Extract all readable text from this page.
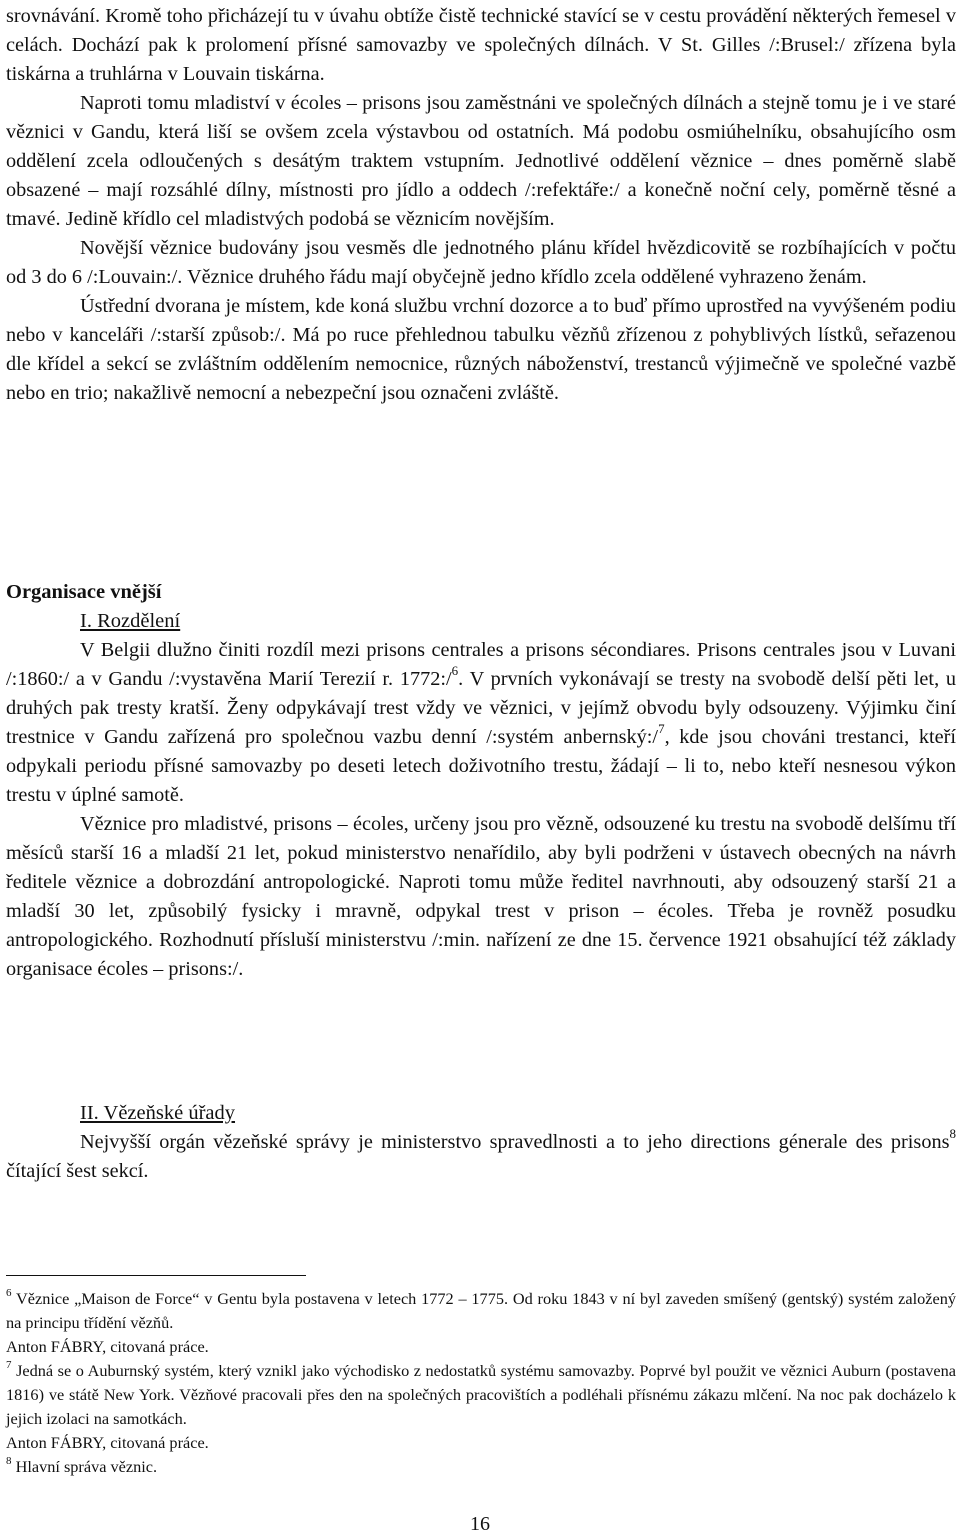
srovnávání. Kromě toho přicházejí tu v úvahu obtíže čistě technické stavící se v cestu provádění některých řemesel v celách. Dochází pak k prolomení přísné samovazby ve společných dílnách. V St. Gilles /:Brusel:/ zřízena byla tiskárna a truhlárna v Louvain tiskárna.

Naproti tomu mladiství v écoles – prisons jsou zaměstnáni ve společných dílnách a stejně tomu je i ve staré věznici v Gandu, která liší se ovšem zcela výstavbou od ostatních. Má podobu osmiúhelníku, obsahujícího osm oddělení zcela odloučených s desátým traktem vstupním. Jednotlivé oddělení věznice – dnes poměrně slabě obsazené – mají rozsáhlé dílny, místnosti pro jídlo a oddech /:refektáře:/ a konečně noční cely, poměrně těsné a tmavé. Jedině křídlo cel mladistvých podobá se věznicím novějším.

Novější věznice budovány jsou vesměs dle jednotného plánu křídel hvězdicovitě se rozbíhajících v počtu od 3 do 6 /:Louvain:/. Věznice druhého řádu mají obyčejně jedno křídlo zcela oddělené vyhrazeno ženám.

Ústřední dvorana je místem, kde koná službu vrchní dozorce a to buď přímo uprostřed na vyvýšeném podiu nebo v kanceláři /:starší způsob:/. Má po ruce přehlednou tabulku vězňů zřízenou z pohyblivých lístků, seřazenou dle křídel a sekcí se zvláštním oddělením nemocnice, různých náboženství, trestanců výjimečně ve společné vazbě nebo en trio; nakažlivě nemocní a nebezpeční jsou označeni zvláště.

Organisace vnější
I. Rozdělení

V Belgii dlužno činiti rozdíl mezi prisons centrales a prisons sécondiares. Prisons centrales jsou v Luvani /:1860:/ a v Gandu /:vystavěna Marií Terezií r. 1772:/$^6$. V prvních vykonávají se tresty na svobodě delší pěti let, u druhých pak tresty kratší. Ženy odpykávají trest vždy ve věznici, v jejímž obvodu byly odsouzeny. Výjimku činí trestnice v Gandu zařízená pro společnou vazbu denní /:systém anbernský:/$^7$, kde jsou chováni trestanci, kteří odpykali periodu přísné samovazby po deseti letech doživotního trestu, žádají – li to, nebo kteří nesnesou výkon trestu v úplné samotě.

Věznice pro mladistvé, prisons – écoles, určeny jsou pro vězně, odsouzené ku trestu na svobodě delšímu tří měsíců starší 16 a mladší 21 let, pokud ministerstvo nenařídilo, aby byli podrženi v ústavech obecných na návrh ředitele věznice a dobrozdání antropologické. Naproti tomu může ředitel navrhnouti, aby odsouzený starší 21 a mladší 30 let, způsobilý fysicky i mravně, odpykal trest v prison – écoles. Třeba je rovněž posudku antropologického. Rozhodnutí přísluší ministerstvu /:min. nařízení ze dne 15. července 1921 obsahující též základy organisace écoles – prisons:/.

II. Vězeňské úřady

Nejvyšší orgán vězeňské správy je ministerstvo spravedlnosti a to jeho directions génerale des prisons$^8$ čítající šest sekcí.

$^6$ Věznice „Maison de Force“ v Gentu byla postavena v letech 1772 – 1775. Od roku 1843 v ní byl zaveden smíšený (gentský) systém založený na principu třídění vězňů.

Anton FÁBRY, citovaná práce.

$^7$ Jedná se o Auburnský systém, který vznikl jako východisko z nedostatků systému samovazby. Poprvé byl použit ve věznici Auburn (postavena 1816) ve státě New York. Vězňové pracovali přes den na společných pracovištích a podléhali přísnému zákazu mlčení. Na noc pak docházelo k jejich izolaci na samotkách.

Anton FÁBRY, citovaná práce.

$^8$ Hlavní správa věznic.

16
